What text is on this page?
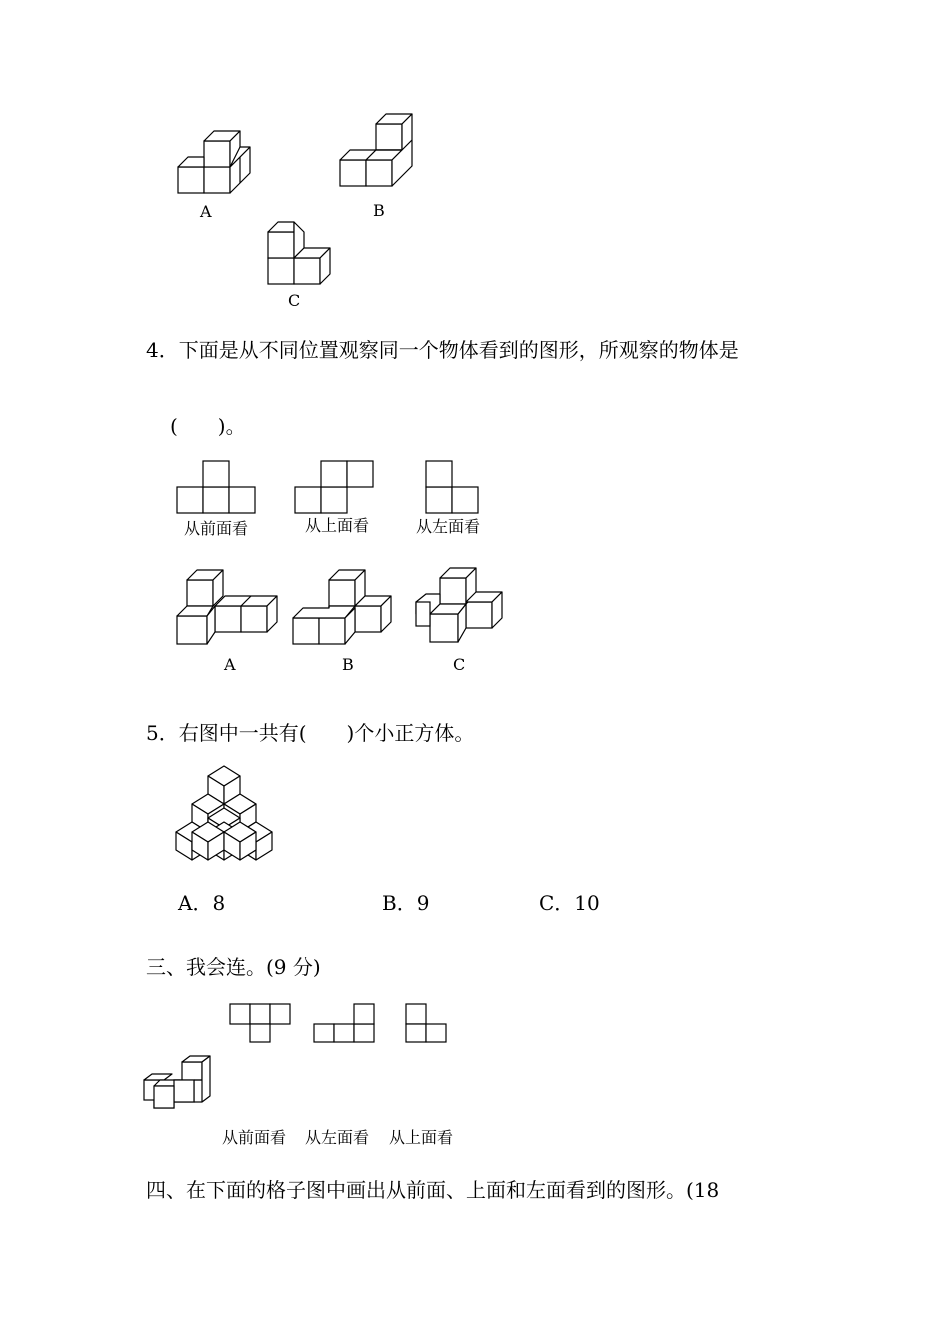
A	B
C
4．下面是从不同位置观察同一个物体看到的图形，所观察的物体是
(　　)。
从前面看	从上面看	从左面看
A	B	C
5．右图中一共有(　　)个小正方体。
A．8	B．9	C．10
三、我会连。(9 分)
从前面看 从左面看 从上面看
四、在下面的格子图中画出从前面、上面和左面看到的图形。(18
